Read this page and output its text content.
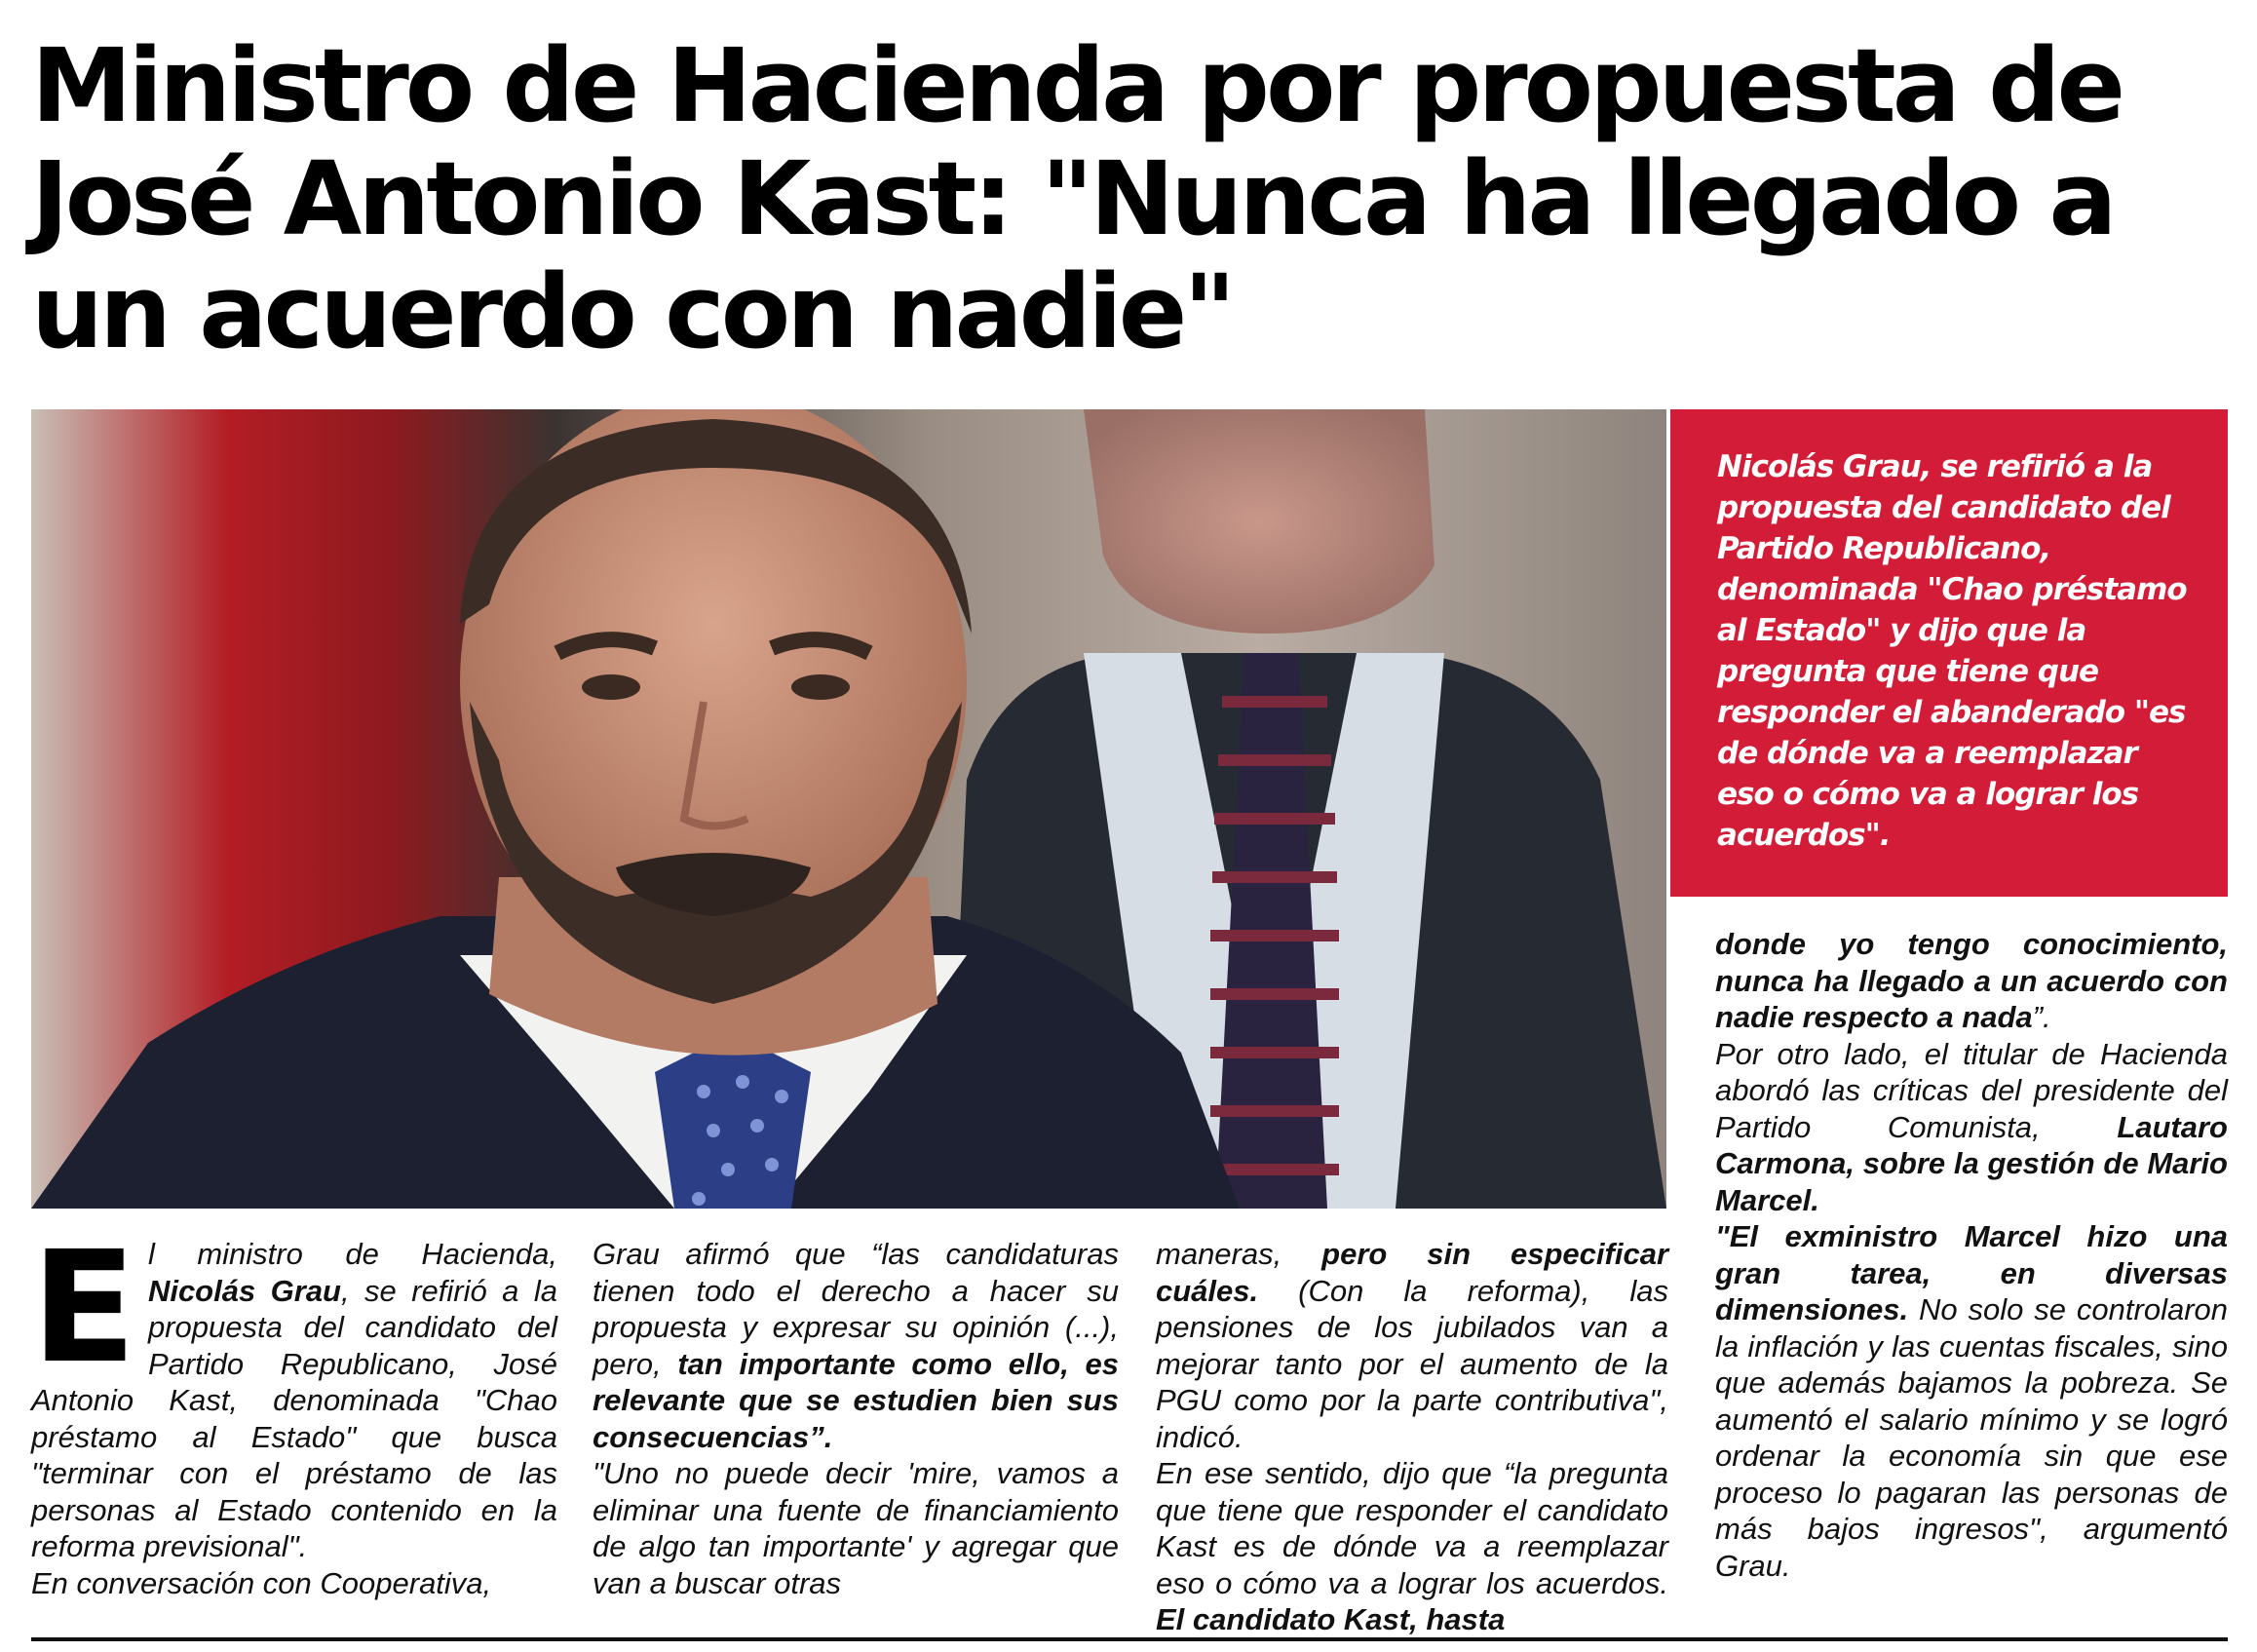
Ministro de Hacienda por propuesta de José Antonio Kast: "Nunca ha llegado a un acuerdo con nadie"

Nicolás Grau, se refirió a la propuesta del candidato del Partido Republicano, denominada "Chao préstamo al Estado" y dijo que la pregunta que tiene que responder el abanderado "es de dónde va a reemplazar eso o cómo va a lograr los acuerdos".

E l ministro de Hacienda, Nicolás Grau, se refirió a la propuesta del candidato del Partido Republicano, José Antonio Kast, denominada "Chao préstamo al Estado" que busca "terminar con el préstamo de las personas al Estado contenido en la reforma previsional".

En conversación con Cooperativa,

Grau afirmó que “las candidaturas tienen todo el derecho a hacer su propuesta y expresar su opinión (...), pero, tan importante como ello, es relevante que se estudien bien sus consecuencias”.

"Uno no puede decir 'mire, vamos a eliminar una fuente de financiamiento de algo tan importante' y agregar que van a buscar otras

maneras, pero sin especificar cuáles. (Con la reforma), las pensiones de los jubilados van a mejorar tanto por el aumento de la PGU como por la parte contributiva", indicó.

En ese sentido, dijo que “la pregunta que tiene que responder el candidato Kast es de dónde va a reemplazar eso o cómo va a lograr los acuerdos. El candidato Kast, hasta

donde yo tengo conocimiento, nunca ha llegado a un acuerdo con nadie respecto a nada”.

Por otro lado, el titular de Hacienda abordó las críticas del presidente del Partido Comunista, Lautaro Carmona, sobre la gestión de Mario Marcel.

"El exministro Marcel hizo una gran tarea, en diversas dimensiones. No solo se controlaron la inflación y las cuentas fiscales, sino que además bajamos la pobreza. Se aumentó el salario mínimo y se logró ordenar la economía sin que ese proceso lo pagaran las personas de más bajos ingresos", argumentó Grau.
